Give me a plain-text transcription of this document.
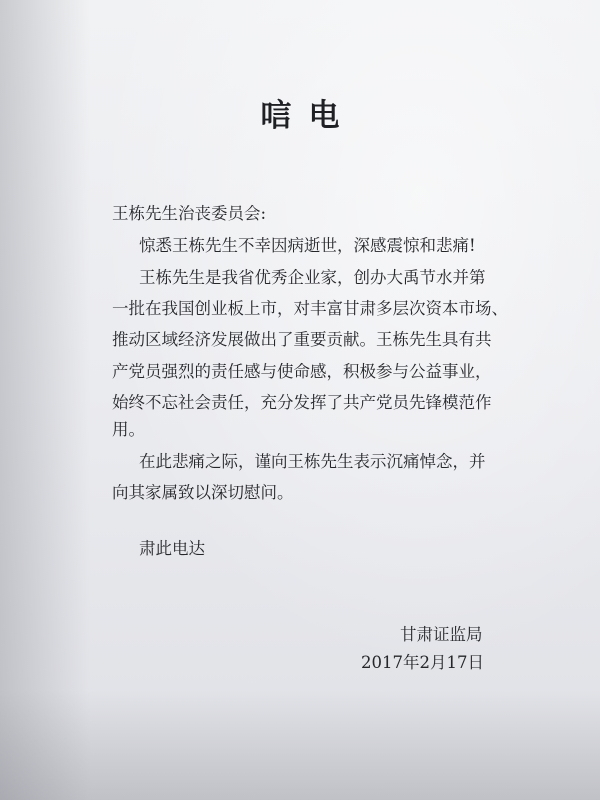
唁电
王栋先生治丧委员会:
惊悉王栋先生不幸因病逝世，深感震惊和悲痛!
王栋先生是我省优秀企业家，创办大禹节水并第
一批在我国创业板上市，对丰富甘肃多层次资本市场、
推动区域经济发展做出了重要贡献。王栋先生具有共
产党员强烈的责任感与使命感，积极参与公益事业，
始终不忘社会责任，充分发挥了共产党员先锋模范作
用。
在此悲痛之际，谨向王栋先生表示沉痛悼念，并
向其家属致以深切慰问。
肃此电达
甘肃证监局
2017年2月17日
